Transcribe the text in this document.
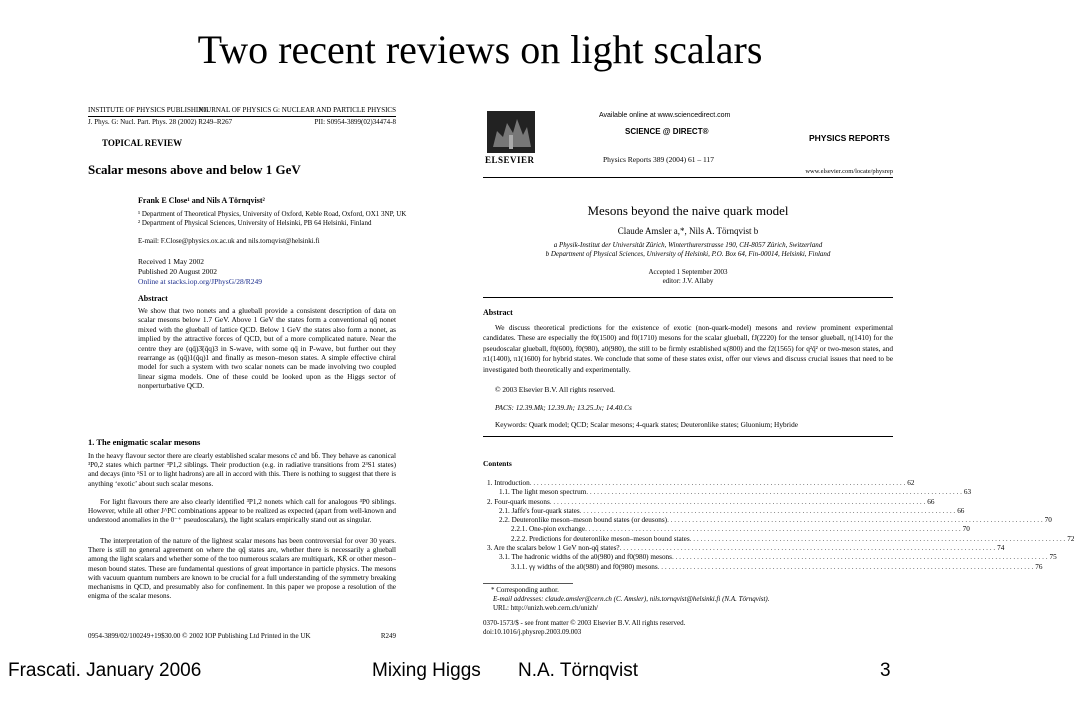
Two recent reviews on light scalars
INSTITUTE OF PHYSICS PUBLISHING
JOURNAL OF PHYSICS G: NUCLEAR AND PARTICLE PHYSICS
J. Phys. G: Nucl. Part. Phys. 28 (2002) R249–R267	PII: S0954-3899(02)34474-8
TOPICAL REVIEW
Scalar mesons above and below 1 GeV
Frank E Close¹ and Nils A Törnqvist²
¹ Department of Theoretical Physics, University of Oxford, Keble Road, Oxford, OX1 3NP, UK
² Department of Physical Sciences, University of Helsinki, PB 64 Helsinki, Finland
E-mail: F.Close@physics.ox.ac.uk and nils.tornqvist@helsinki.fi
Received 1 May 2002
Published 20 August 2002
Online at stacks.iop.org/JPhysG/28/R249
Abstract
We show that two nonets and a glueball provide a consistent description of data on scalar mesons below 1.7 GeV. Above 1 GeV the states form a conventional qq̄ nonet mixed with the glueball of lattice QCD. Below 1 GeV the states also form a nonet, as implied by the attractive forces of QCD, but of a more complicated nature. Near the centre they are (qq̄)3̄(q̄q)3 in S-wave, with some qq̄ in P-wave, but further out they rearrange as (qq̄)1(q̄q)1 and finally as meson–meson states. A simple effective chiral model for such a system with two scalar nonets can be made involving two coupled linear sigma models. One of these could be looked upon as the Higgs sector of nonperturbative QCD.
1. The enigmatic scalar mesons
In the heavy flavour sector there are clearly established scalar mesons cc̄ and bb̄. They behave as canonical ³P0,2 states which partner ³P1,2 siblings. Their production (e.g. in radiative transitions from 2³S1 states) and decays (into ¹S1 or to light hadrons) are all in accord with this. There is nothing to suggest that there is anything ‘exotic’ about such scalar mesons.
For light flavours there are also clearly identified ³P1,2 nonets which call for analogous ³P0 siblings. However, while all other J^PC combinations appear to be realized as expected (apart from well-known and understood anomalies in the 0⁻⁺ pseudoscalars), the light scalars empirically stand out as singular.
The interpretation of the nature of the lightest scalar mesons has been controversial for over 30 years. There is still no general agreement on where the qq̄ states are, whether there is necessarily a glueball among the light scalars and whether some of the too numerous scalars are multiquark, KK̄ or other meson–meson bound states. These are fundamental questions of great importance in particle physics. The mesons with vacuum quantum numbers are known to be crucial for a full understanding of the symmetry breaking mechanisms in QCD, and presumably also for confinement. In this paper we propose a resolution of the enigma of the scalar mesons.
0954-3899/02/100249+19$30.00 © 2002 IOP Publishing Ltd Printed in the UK	R249
ELSEVIER
Available online at www.sciencedirect.com
SCIENCE @ DIRECT®
Physics Reports 389 (2004) 61 – 117
PHYSICS REPORTS
www.elsevier.com/locate/physrep
Mesons beyond the naive quark model
Claude Amsler a,*, Nils A. Törnqvist b
a Physik-Institut der Universität Zürich, Winterthurerstrasse 190, CH-8057 Zürich, Switzerland
b Department of Physical Sciences, University of Helsinki, P.O. Box 64, Fin-00014, Helsinki, Finland
Accepted 1 September 2003
editor: J.V. Allaby
Abstract
We discuss theoretical predictions for the existence of exotic (non-quark-model) mesons and review prominent experimental candidates. These are especially the f0(1500) and f0(1710) mesons for the scalar glueball, fJ(2220) for the tensor glueball, η(1410) for the pseudoscalar glueball, f0(600), f0(980), a0(980), the still to be firmly established κ(800) and the f2(1565) for q²q̄² or two-meson states, and π1(1400), π1(1600) for hybrid states. We conclude that some of these states exist, offer our views and discuss crucial issues that need to be investigated both theoretically and experimentally.
© 2003 Elsevier B.V. All rights reserved.
PACS: 12.39.Mk; 12.39.Jh; 13.25.Jx; 14.40.Cs
Keywords: Quark model; QCD; Scalar mesons; 4-quark states; Deuteronlike states; Gluonium; Hybride
Contents
1. Introduction . . . . . . . . . . . . . . . . . . . . . . . . . . . . . . . . . . . . . . . . . . . . . . . . . . . . . . . . . . . . . . . . . . . . . . . . . . . . . . . . . . . . . . . . . . . . . . . . . . . . . . . . . 62
1.1. The light meson spectrum . . . . . . . . . . . . . . . . . . . . . . . . . . . . . . . . . . . . . . . . . . . . . . . . . . . . . . . . . . . . . . . . . . . . . . . . . . . . . . . . . . . . . . . . . . . . . . . . . . . . . . . . . 63
2. Four-quark mesons . . . . . . . . . . . . . . . . . . . . . . . . . . . . . . . . . . . . . . . . . . . . . . . . . . . . . . . . . . . . . . . . . . . . . . . . . . . . . . . . . . . . . . . . . . . . . . . . . . . . . . . . . 66
2.1. Jaffe's four-quark states . . . . . . . . . . . . . . . . . . . . . . . . . . . . . . . . . . . . . . . . . . . . . . . . . . . . . . . . . . . . . . . . . . . . . . . . . . . . . . . . . . . . . . . . . . . . . . . . . . . . . . . . . 66
2.2. Deuteronlike meson–meson bound states (or deusons) . . . . . . . . . . . . . . . . . . . . . . . . . . . . . . . . . . . . . . . . . . . . . . . . . . . . . . . . . . . . . . . . . . . . . . . . . . . . . . . . . . . . . . . . . . . . . . . . . . . . . . . . . 70
2.2.1. One-pion exchange . . . . . . . . . . . . . . . . . . . . . . . . . . . . . . . . . . . . . . . . . . . . . . . . . . . . . . . . . . . . . . . . . . . . . . . . . . . . . . . . . . . . . . . . . . . . . . . . . . . . . . . . . 70
2.2.2. Predictions for deuteronlike meson–meson bound states . . . . . . . . . . . . . . . . . . . . . . . . . . . . . . . . . . . . . . . . . . . . . . . . . . . . . . . . . . . . . . . . . . . . . . . . . . . . . . . . . . . . . . . . . . . . . . . . . . . . . . . . . 72
3. Are the scalars below 1 GeV non-qq̄ states? . . . . . . . . . . . . . . . . . . . . . . . . . . . . . . . . . . . . . . . . . . . . . . . . . . . . . . . . . . . . . . . . . . . . . . . . . . . . . . . . . . . . . . . . . . . . . . . . . . . . . . . . . 74
3.1. The hadronic widths of the a0(980) and f0(980) mesons . . . . . . . . . . . . . . . . . . . . . . . . . . . . . . . . . . . . . . . . . . . . . . . . . . . . . . . . . . . . . . . . . . . . . . . . . . . . . . . . . . . . . . . . . . . . . . . . . . . . . . . . . 75
3.1.1. γγ widths of the a0(980) and f0(980) mesons . . . . . . . . . . . . . . . . . . . . . . . . . . . . . . . . . . . . . . . . . . . . . . . . . . . . . . . . . . . . . . . . . . . . . . . . . . . . . . . . . . . . . . . . . . . . . . . . . . . . . . . . . 76
* Corresponding author.
E-mail addresses: claude.amsler@cern.ch (C. Amsler), nils.tornqvist@helsinki.fi (N.A. Törnqvist).
URL: http://unizh.web.cern.ch/unizh/
0370-1573/$ - see front matter © 2003 Elsevier B.V. All rights reserved.
doi:10.1016/j.physrep.2003.09.003
Frascati. January 2006	Mixing Higgs N.A. Törnqvist	3
